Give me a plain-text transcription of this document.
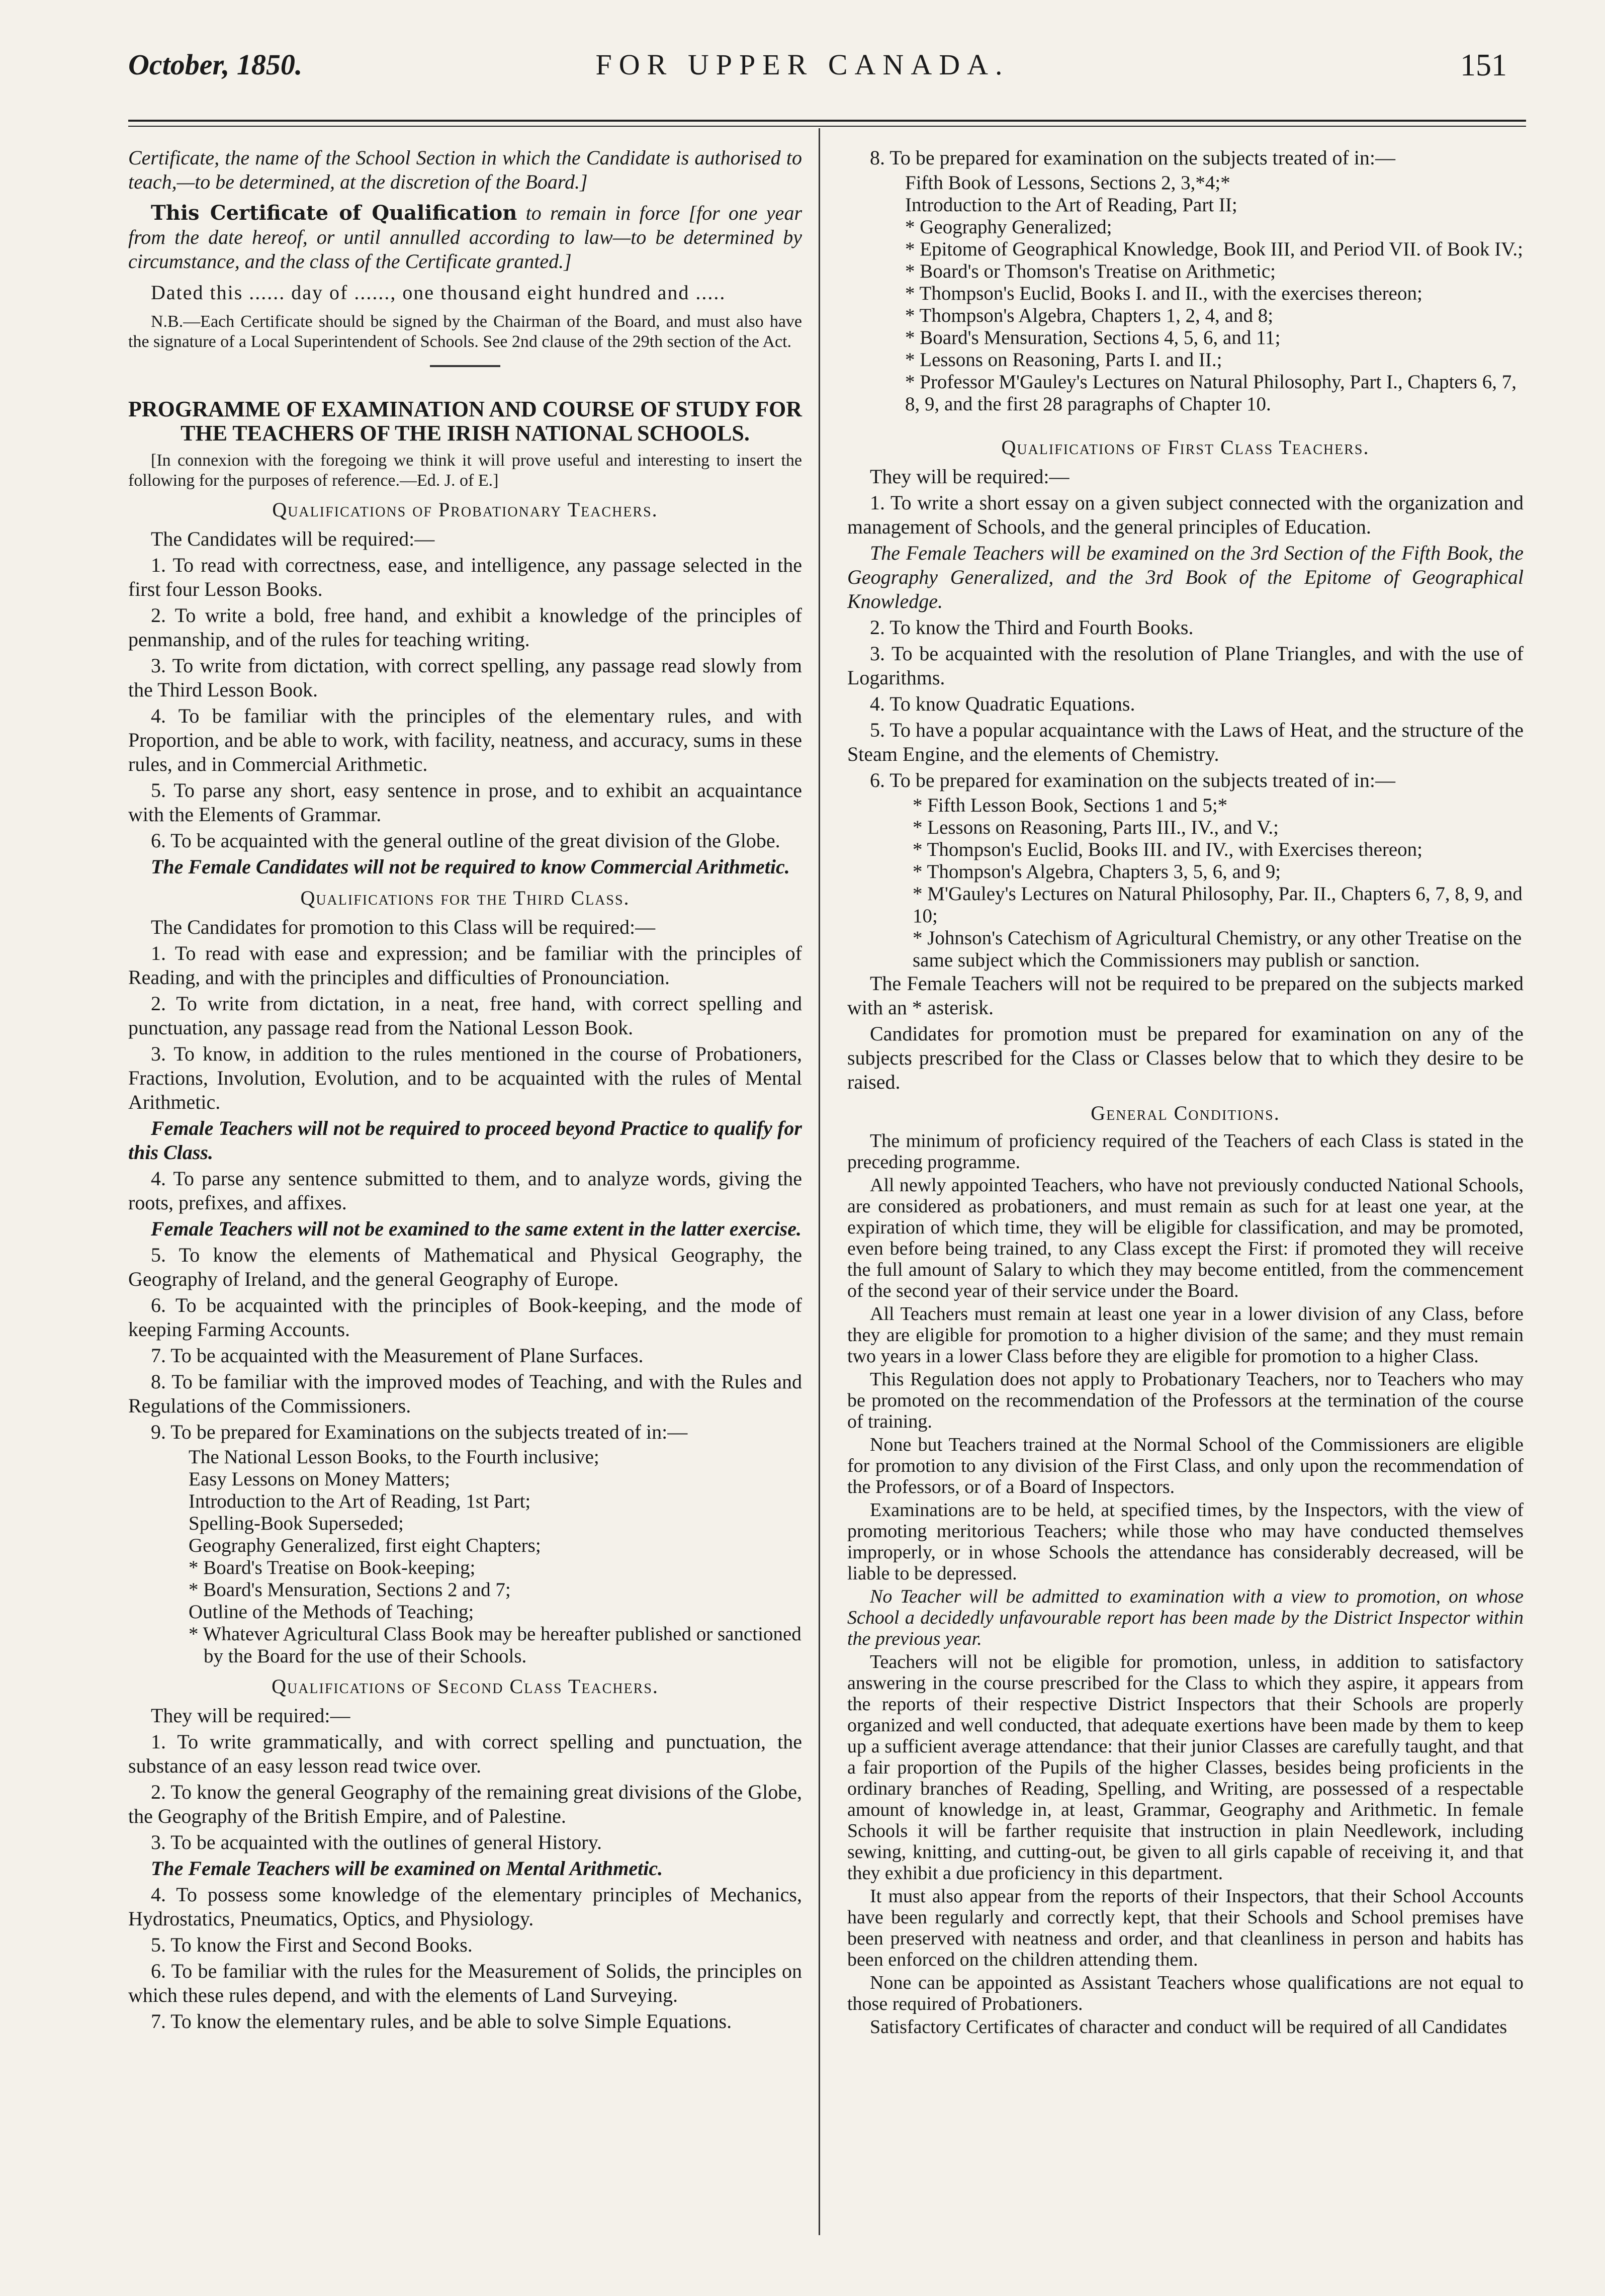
October, 1850.	FOR UPPER CANADA.	151

Certificate, the name of the School Section in which the Candidate is authorised to teach,—to be determined, at the discretion of the Board.]

This Certificate of Qualification to remain in force [for one year from the date hereof, or until annulled according to law—to be determined by circumstance, and the class of the Certificate granted.]

Dated this ...... day of ......, one thousand eight hundred and .....

N.B.—Each Certificate should be signed by the Chairman of the Board, and must also have the signature of a Local Superintendent of Schools. See 2nd clause of the 29th section of the Act.

PROGRAMME OF EXAMINATION AND COURSE OF STUDY FOR THE TEACHERS OF THE IRISH NATIONAL SCHOOLS.

[In connexion with the foregoing we think it will prove useful and interesting to insert the following for the purposes of reference.—Ed. J. of E.]

Qualifications of Probationary Teachers.

The Candidates will be required:—

1. To read with correctness, ease, and intelligence, any passage selected in the first four Lesson Books.

2. To write a bold, free hand, and exhibit a knowledge of the principles of penmanship, and of the rules for teaching writing.

3. To write from dictation, with correct spelling, any passage read slowly from the Third Lesson Book.

4. To be familiar with the principles of the elementary rules, and with Proportion, and be able to work, with facility, neatness, and accuracy, sums in these rules, and in Commercial Arithmetic.

5. To parse any short, easy sentence in prose, and to exhibit an acquaintance with the Elements of Grammar.

6. To be acquainted with the general outline of the great division of the Globe.

The Female Candidates will not be required to know Commercial Arithmetic.

Qualifications for the Third Class.

The Candidates for promotion to this Class will be required:—

1. To read with ease and expression; and be familiar with the principles of Reading, and with the principles and difficulties of Pronounciation.

2. To write from dictation, in a neat, free hand, with correct spelling and punctuation, any passage read from the National Lesson Book.

3. To know, in addition to the rules mentioned in the course of Probationers, Fractions, Involution, Evolution, and to be acquainted with the rules of Mental Arithmetic.

Female Teachers will not be required to proceed beyond Practice to qualify for this Class.

4. To parse any sentence submitted to them, and to analyze words, giving the roots, prefixes, and affixes.

Female Teachers will not be examined to the same extent in the latter exercise.

5. To know the elements of Mathematical and Physical Geography, the Geography of Ireland, and the general Geography of Europe.

6. To be acquainted with the principles of Book-keeping, and the mode of keeping Farming Accounts.

7. To be acquainted with the Measurement of Plane Surfaces.

8. To be familiar with the improved modes of Teaching, and with the Rules and Regulations of the Commissioners.

9. To be prepared for Examinations on the subjects treated of in:—

The National Lesson Books, to the Fourth inclusive;

Easy Lessons on Money Matters;

Introduction to the Art of Reading, 1st Part;

Spelling-Book Superseded;

Geography Generalized, first eight Chapters;

* Board's Treatise on Book-keeping;

* Board's Mensuration, Sections 2 and 7;

Outline of the Methods of Teaching;

* Whatever Agricultural Class Book may be hereafter published or sanctioned by the Board for the use of their Schools.

Qualifications of Second Class Teachers.

They will be required:—

1. To write grammatically, and with correct spelling and punctuation, the substance of an easy lesson read twice over.

2. To know the general Geography of the remaining great divisions of the Globe, the Geography of the British Empire, and of Palestine.

3. To be acquainted with the outlines of general History.

The Female Teachers will be examined on Mental Arithmetic.

4. To possess some knowledge of the elementary principles of Mechanics, Hydrostatics, Pneumatics, Optics, and Physiology.

5. To know the First and Second Books.

6. To be familiar with the rules for the Measurement of Solids, the principles on which these rules depend, and with the elements of Land Surveying.

7. To know the elementary rules, and be able to solve Simple Equations.

8. To be prepared for examination on the subjects treated of in:—

Fifth Book of Lessons, Sections 2, 3,*4;*

Introduction to the Art of Reading, Part II;

* Geography Generalized;

* Epitome of Geographical Knowledge, Book III, and Period VII. of Book IV.;

* Board's or Thomson's Treatise on Arithmetic;

* Thompson's Euclid, Books I. and II., with the exercises thereon;

* Thompson's Algebra, Chapters 1, 2, 4, and 8;

* Board's Mensuration, Sections 4, 5, 6, and 11;

* Lessons on Reasoning, Parts I. and II.;

* Professor M'Gauley's Lectures on Natural Philosophy, Part I., Chapters 6, 7, 8, 9, and the first 28 paragraphs of Chapter 10.

Qualifications of First Class Teachers.

They will be required:—

1. To write a short essay on a given subject connected with the organization and management of Schools, and the general principles of Education.

The Female Teachers will be examined on the 3rd Section of the Fifth Book, the Geography Generalized, and the 3rd Book of the Epitome of Geographical Knowledge.

2. To know the Third and Fourth Books.

3. To be acquainted with the resolution of Plane Triangles, and with the use of Logarithms.

4. To know Quadratic Equations.

5. To have a popular acquaintance with the Laws of Heat, and the structure of the Steam Engine, and the elements of Chemistry.

6. To be prepared for examination on the subjects treated of in:—

* Fifth Lesson Book, Sections 1 and 5;*

* Lessons on Reasoning, Parts III., IV., and V.;

* Thompson's Euclid, Books III. and IV., with Exercises thereon;

* Thompson's Algebra, Chapters 3, 5, 6, and 9;

* M'Gauley's Lectures on Natural Philosophy, Par. II., Chapters 6, 7, 8, 9, and 10;

* Johnson's Catechism of Agricultural Chemistry, or any other Treatise on the same subject which the Commissioners may publish or sanction.

The Female Teachers will not be required to be prepared on the subjects marked with an * asterisk.

Candidates for promotion must be prepared for examination on any of the subjects prescribed for the Class or Classes below that to which they desire to be raised.

General Conditions.

The minimum of proficiency required of the Teachers of each Class is stated in the preceding programme.

All newly appointed Teachers, who have not previously conducted National Schools, are considered as probationers, and must remain as such for at least one year, at the expiration of which time, they will be eligible for classification, and may be promoted, even before being trained, to any Class except the First: if promoted they will receive the full amount of Salary to which they may become entitled, from the commencement of the second year of their service under the Board.

All Teachers must remain at least one year in a lower division of any Class, before they are eligible for promotion to a higher division of the same; and they must remain two years in a lower Class before they are eligible for promotion to a higher Class.

This Regulation does not apply to Probationary Teachers, nor to Teachers who may be promoted on the recommendation of the Professors at the termination of the course of training.

None but Teachers trained at the Normal School of the Commissioners are eligible for promotion to any division of the First Class, and only upon the recommendation of the Professors, or of a Board of Inspectors.

Examinations are to be held, at specified times, by the Inspectors, with the view of promoting meritorious Teachers; while those who may have conducted themselves improperly, or in whose Schools the attendance has considerably decreased, will be liable to be depressed.

No Teacher will be admitted to examination with a view to promotion, on whose School a decidedly unfavourable report has been made by the District Inspector within the previous year.

Teachers will not be eligible for promotion, unless, in addition to satisfactory answering in the course prescribed for the Class to which they aspire, it appears from the reports of their respective District Inspectors that their Schools are properly organized and well conducted, that adequate exertions have been made by them to keep up a sufficient average attendance: that their junior Classes are carefully taught, and that a fair proportion of the Pupils of the higher Classes, besides being proficients in the ordinary branches of Reading, Spelling, and Writing, are possessed of a respectable amount of knowledge in, at least, Grammar, Geography and Arithmetic. In female Schools it will be farther requisite that instruction in plain Needlework, including sewing, knitting, and cutting-out, be given to all girls capable of receiving it, and that they exhibit a due proficiency in this department.

It must also appear from the reports of their Inspectors, that their School Accounts have been regularly and correctly kept, that their Schools and School premises have been preserved with neatness and order, and that cleanliness in person and habits has been enforced on the children attending them.

None can be appointed as Assistant Teachers whose qualifications are not equal to those required of Probationers.

Satisfactory Certificates of character and conduct will be required of all Candidates
